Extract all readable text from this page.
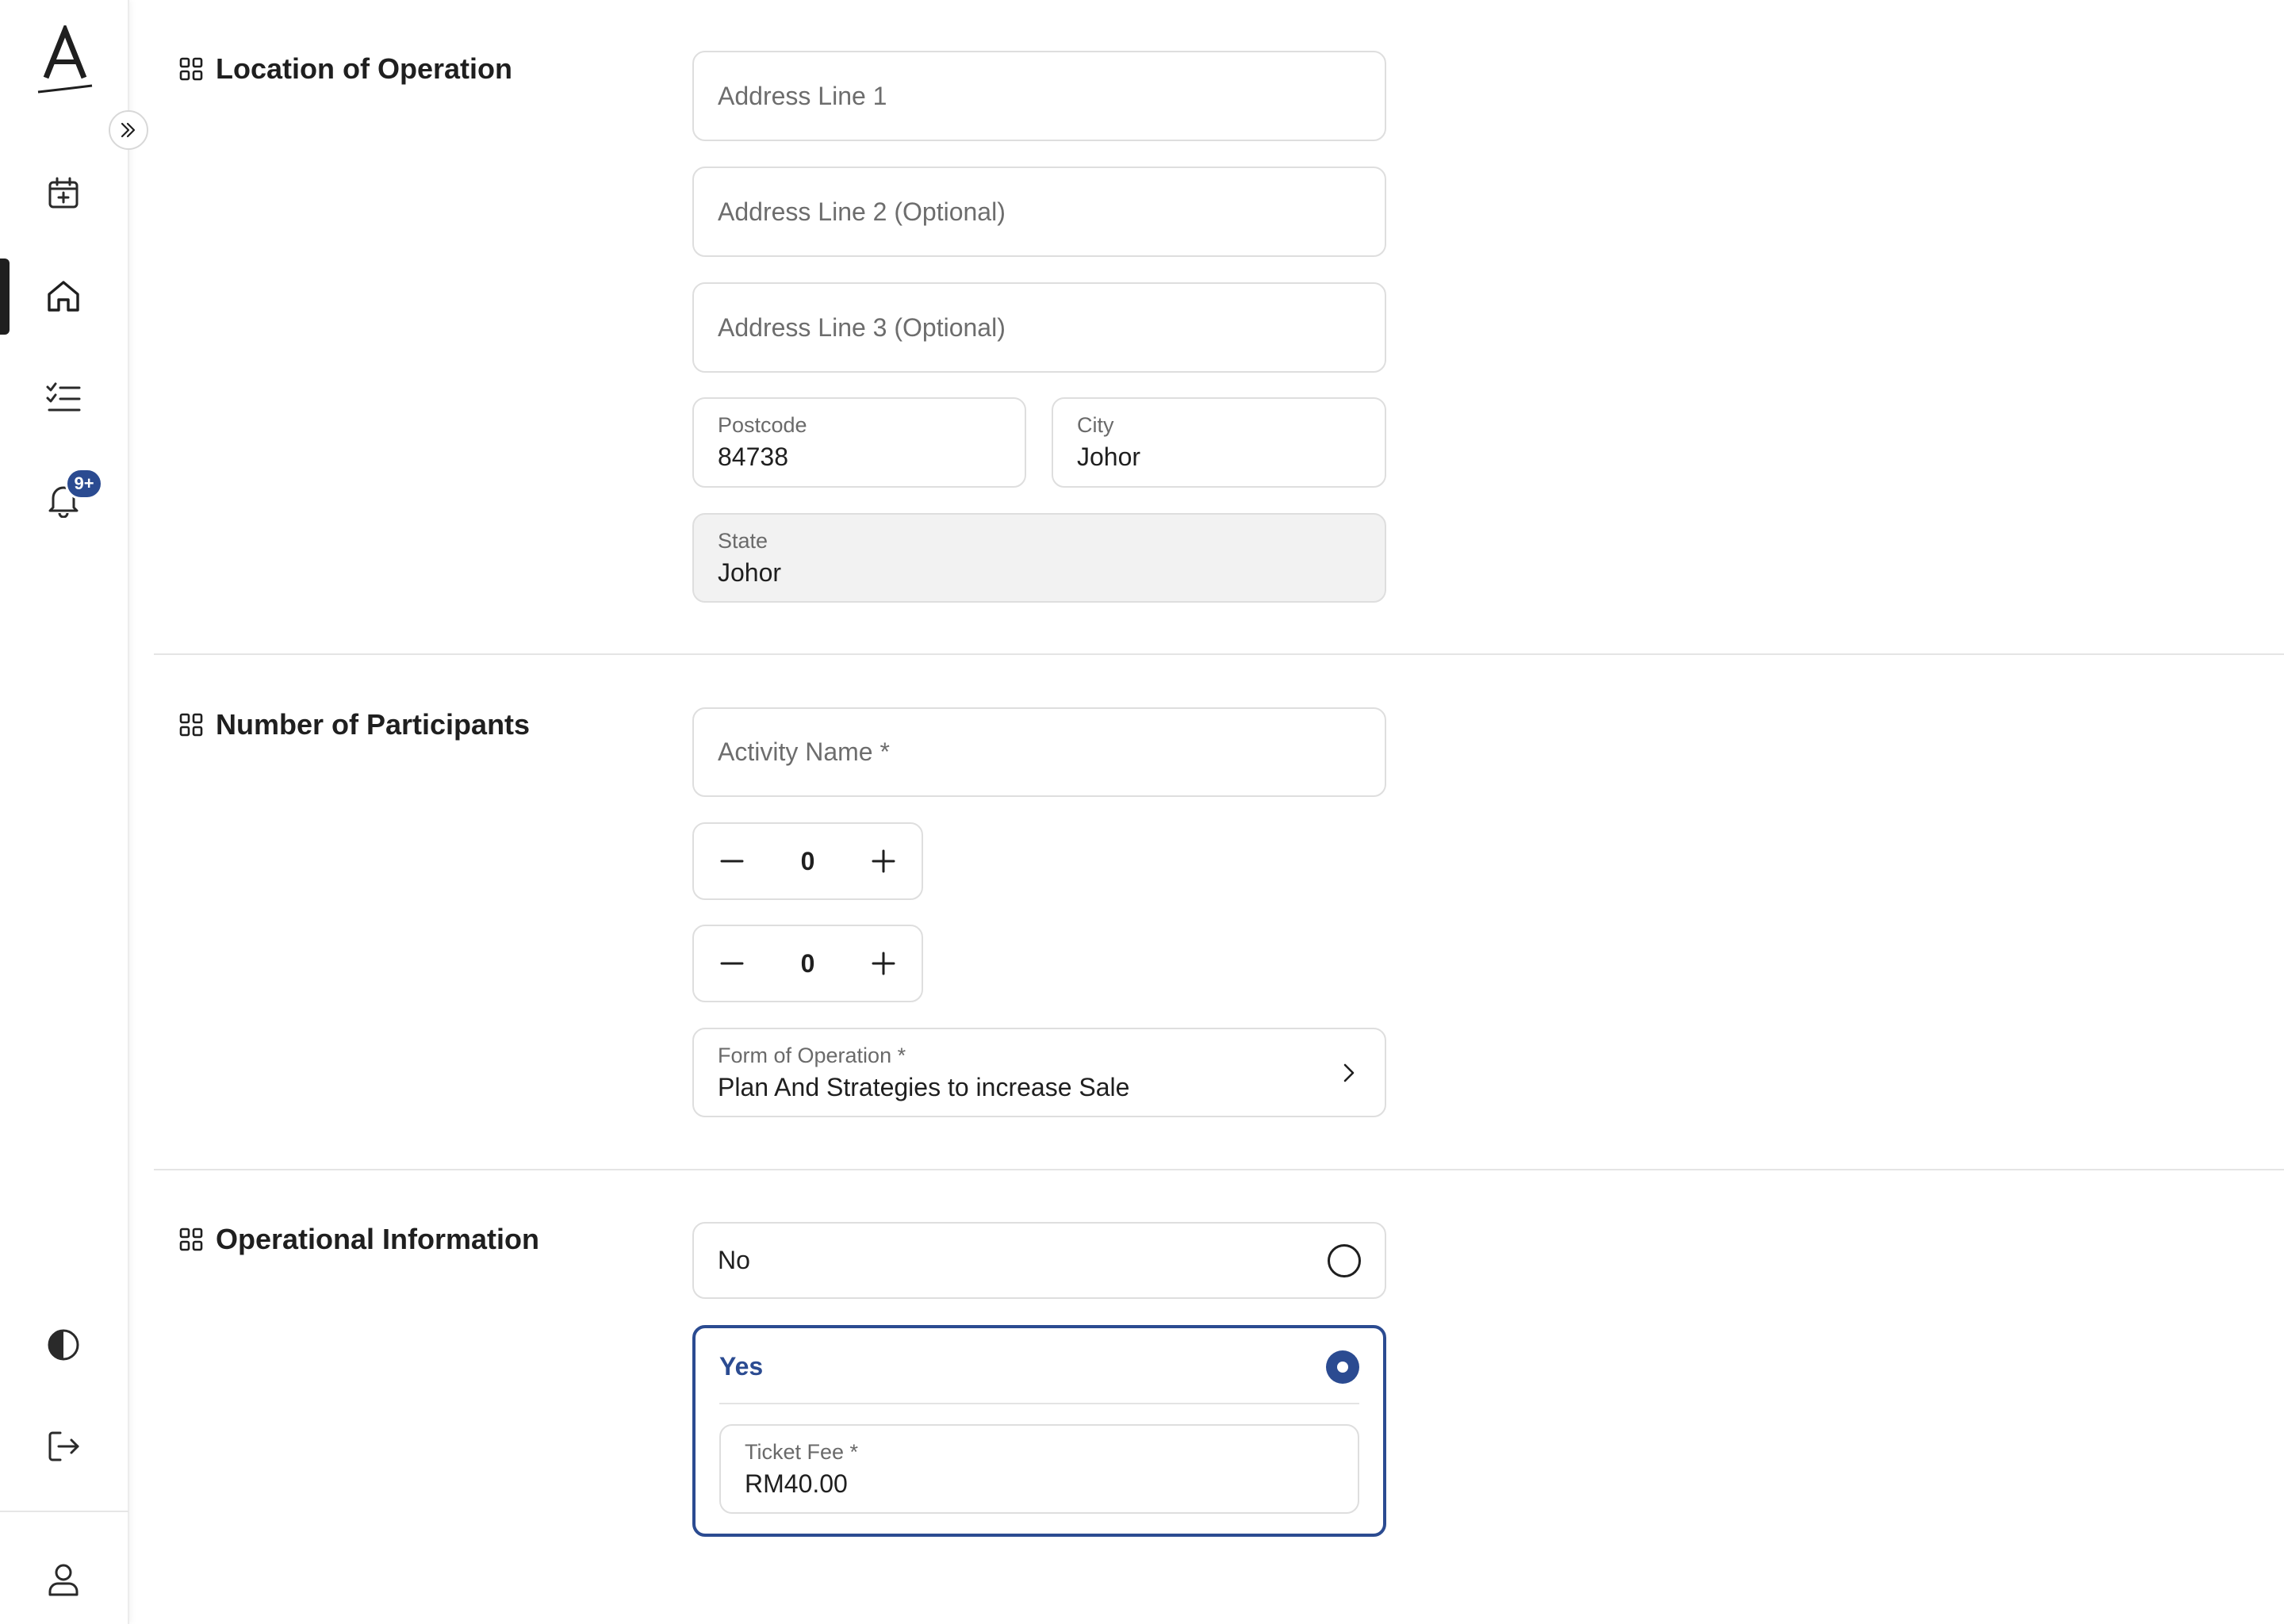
9+
Location of Operation
Address Line 1
Address Line 2 (Optional)
Address Line 3 (Optional)
Postcode
84738
City
Johor
State
Johor
Number of Participants
Activity Name *
0
0
Form of Operation *
Plan And Strategies to increase Sale
Operational Information
No
Yes
Ticket Fee *
RM40.00
